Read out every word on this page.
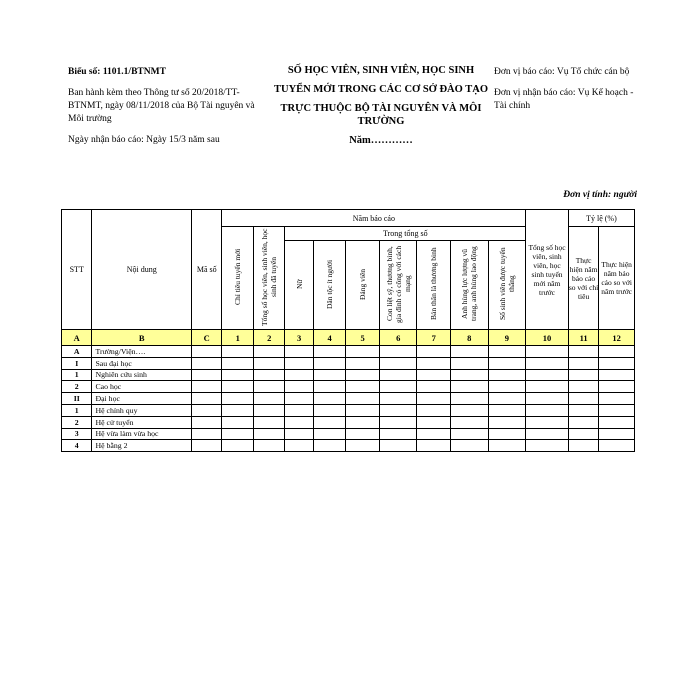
Biểu số: 1101.1/BTNMT
Ban hành kèm theo Thông tư số 20/2018/TT-BTNMT, ngày 08/11/2018 của Bộ Tài nguyên và Môi trường
Ngày nhận báo cáo: Ngày 15/3 năm sau
SỐ HỌC VIÊN, SINH VIÊN, HỌC SINH
TUYỂN MỚI TRONG CÁC CƠ SỞ ĐÀO TẠO
TRỰC THUỘC BỘ TÀI NGUYÊN VÀ MÔI TRƯỜNG
Năm…………
Đơn vị báo cáo: Vụ Tổ chức cán bộ
Đơn vị nhận báo cáo: Vụ Kế hoạch - Tài chính
Đơn vị tính: người
STT	Nội dung	Mã số	Năm báo cáo									Tổng số học viên, sinh viên, học sinh tuyển mới năm trước	Tỷ lệ (%)	
			Chỉ tiêu tuyển mới	Tổng số học viên, sinh viên, học sinh đã tuyển	Trong tổng số								Thực hiện năm báo cáo so với chỉ tiêu	Thực hiện năm báo cáo so với năm trước
					Nữ	Dân tộc ít người	Đảng viên	Con liệt sỹ, thương binh, gia đình có công với cách mạng	Bản thân là thương binh	Anh hùng lực lượng vũ trang, anh hùng lao động	Số sinh viên được tuyển thẳng			
A	B	C	1	2	3	4	5	6	7	8	9	10	11	12
A	Trường/Viện….													
I	Sau đại học													
1	Nghiên cứu sinh													
2	Cao học													
II	Đại học													
1	Hệ chính quy													
2	Hệ cử tuyển													
3	Hệ vừa làm vừa học													
4	Hệ bằng 2													
